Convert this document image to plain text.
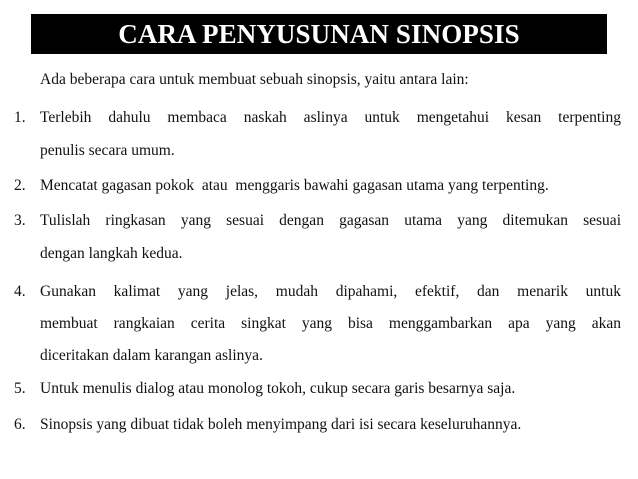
CARA PENYUSUNAN SINOPSIS
Ada beberapa cara untuk membuat sebuah sinopsis, yaitu antara lain:
1. Terlebih dahulu membaca naskah aslinya untuk mengetahui kesan terpenting
penulis secara umum.
2. Mencatat gagasan pokok  atau  menggaris bawahi gagasan utama yang terpenting.
3. Tulislah ringkasan yang sesuai dengan gagasan utama yang ditemukan sesuai
dengan langkah kedua.
4. Gunakan kalimat yang jelas, mudah dipahami, efektif, dan menarik untuk
membuat rangkaian cerita singkat yang bisa menggambarkan apa yang akan
diceritakan dalam karangan aslinya.
5. Untuk menulis dialog atau monolog tokoh, cukup secara garis besarnya saja.
6. Sinopsis yang dibuat tidak boleh menyimpang dari isi secara keseluruhannya.
